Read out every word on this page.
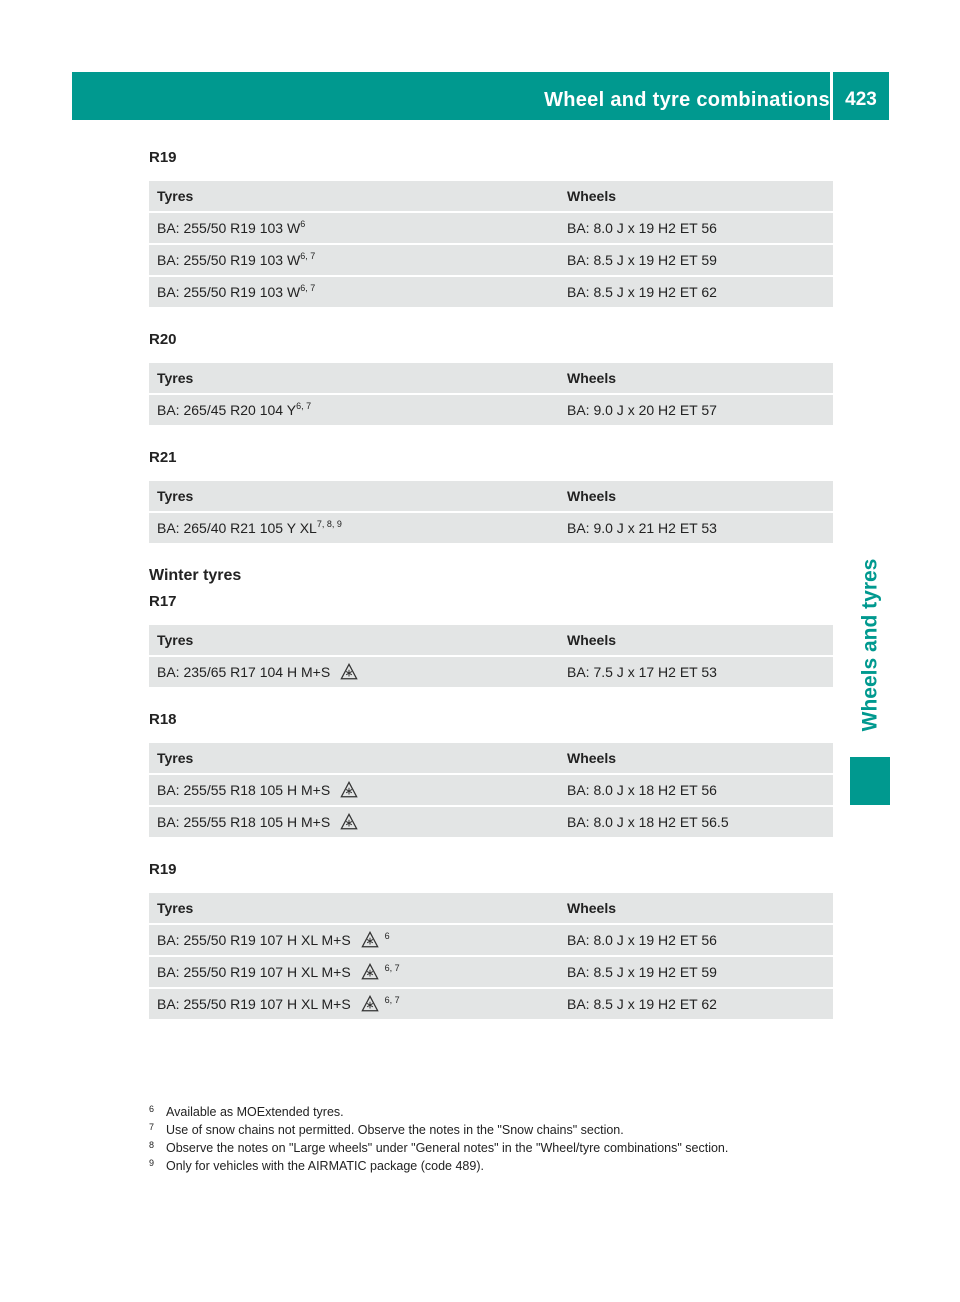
Wheel and tyre combinations 423
Wheels and tyres
R19
Tyres	Wheels
BA: 255/50 R19 103 $W^6$	BA: 8.0 J x 19 H2 ET 56
BA: 255/50 R19 103 W$^{6, 7}$	BA: 8.5 J x 19 H2 ET 59
BA: 255/50 R19 103 W$^{6, 7}$	BA: 8.5 J x 19 H2 ET 62
R20
Tyres	Wheels
BA: 265/45 R20 104 Y$^{6, 7}$	BA: 9.0 J x 20 H2 ET 57
R21
Tyres	Wheels
BA: 265/40 R21 105 Y XL$^{7, 8, 9}$	BA: 9.0 J x 21 H2 ET 53
Winter tyres
R17
Tyres	Wheels
BA: 235/65 R17 104 H M+S	BA: 7.5 J x 17 H2 ET 53
R18
Tyres	Wheels
BA: 255/55 R18 105 H M+S	BA: 8.0 J x 18 H2 ET 56
BA: 255/55 R18 105 H M+S	BA: 8.0 J x 18 H2 ET 56.5
R19
Tyres	Wheels
BA: 255/50 R19 107 H XL M+S	$^6$	BA: 8.0 J x 19 H2 ET 56
BA: 255/50 R19 107 H XL M+S	$^{6, 7}$	BA: 8.5 J x 19 H2 ET 59
BA: 255/50 R19 107 H XL M+S	$^{6, 7}$	BA: 8.5 J x 19 H2 ET 62
6 Available as MOExtended tyres.
7 Use of snow chains not permitted. Observe the notes in the "Snow chains" section.
8 Observe the notes on "Large wheels" under "General notes" in the "Wheel/tyre combinations" section.
9 Only for vehicles with the AIRMATIC package (code 489).
